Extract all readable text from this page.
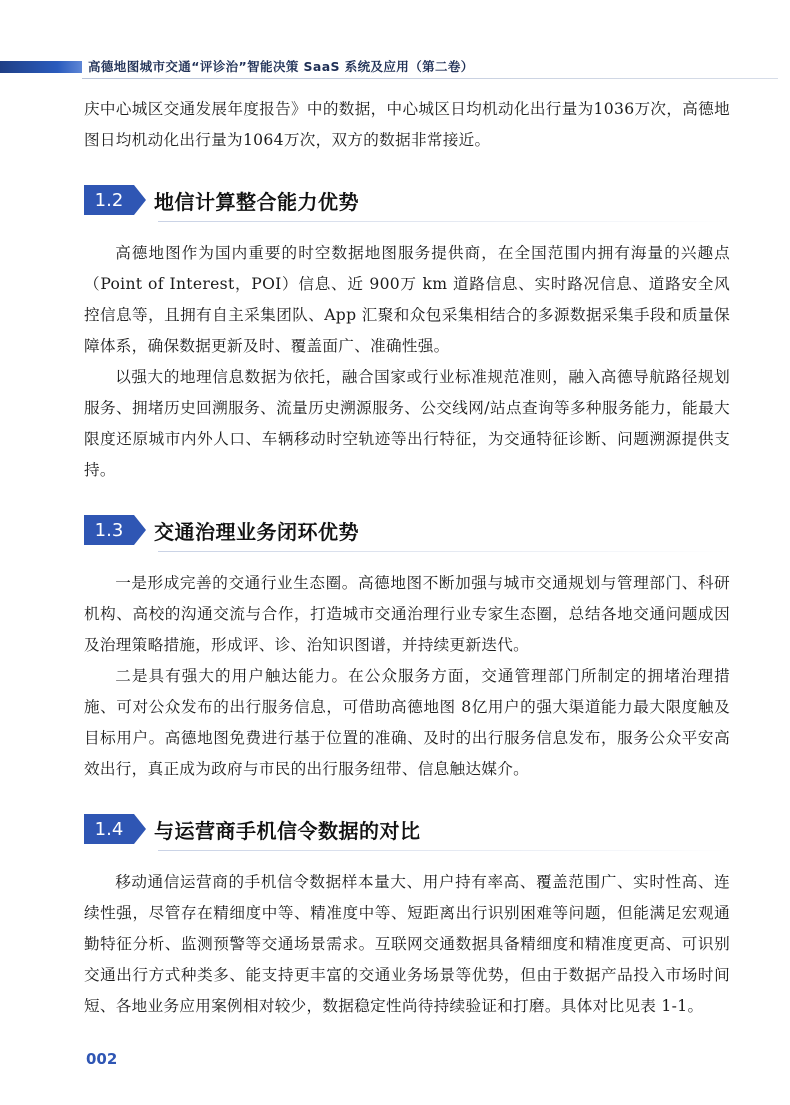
高德地图城市交通“评诊治”智能决策 SaaS 系统及应用（第二卷）

庆中心城区交通发展年度报告》中的数据，中心城区日均机动化出行量为1036万次，高德地图日均机动化出行量为1064万次，双方的数据非常接近。

1.2	地信计算整合能力优势

高德地图作为国内重要的时空数据地图服务提供商，在全国范围内拥有海量的兴趣点（Point of Interest，POI）信息、近 900万 km 道路信息、实时路况信息、道路安全风控信息等，且拥有自主采集团队、App 汇聚和众包采集相结合的多源数据采集手段和质量保障体系，确保数据更新及时、覆盖面广、准确性强。

以强大的地理信息数据为依托，融合国家或行业标准规范准则，融入高德导航路径规划服务、拥堵历史回溯服务、流量历史溯源服务、公交线网/站点查询等多种服务能力，能最大限度还原城市内外人口、车辆移动时空轨迹等出行特征，为交通特征诊断、问题溯源提供支持。

1.3	交通治理业务闭环优势

一是形成完善的交通行业生态圈。高德地图不断加强与城市交通规划与管理部门、科研机构、高校的沟通交流与合作，打造城市交通治理行业专家生态圈，总结各地交通问题成因及治理策略措施，形成评、诊、治知识图谱，并持续更新迭代。

二是具有强大的用户触达能力。在公众服务方面，交通管理部门所制定的拥堵治理措施、可对公众发布的出行服务信息，可借助高德地图 8亿用户的强大渠道能力最大限度触及目标用户。高德地图免费进行基于位置的准确、及时的出行服务信息发布，服务公众平安高效出行，真正成为政府与市民的出行服务纽带、信息触达媒介。

1.4	与运营商手机信令数据的对比

移动通信运营商的手机信令数据样本量大、用户持有率高、覆盖范围广、实时性高、连续性强，尽管存在精细度中等、精准度中等、短距离出行识别困难等问题，但能满足宏观通勤特征分析、监测预警等交通场景需求。互联网交通数据具备精细度和精准度更高、可识别交通出行方式种类多、能支持更丰富的交通业务场景等优势，但由于数据产品投入市场时间短、各地业务应用案例相对较少，数据稳定性尚待持续验证和打磨。具体对比见表 1-1。

002
